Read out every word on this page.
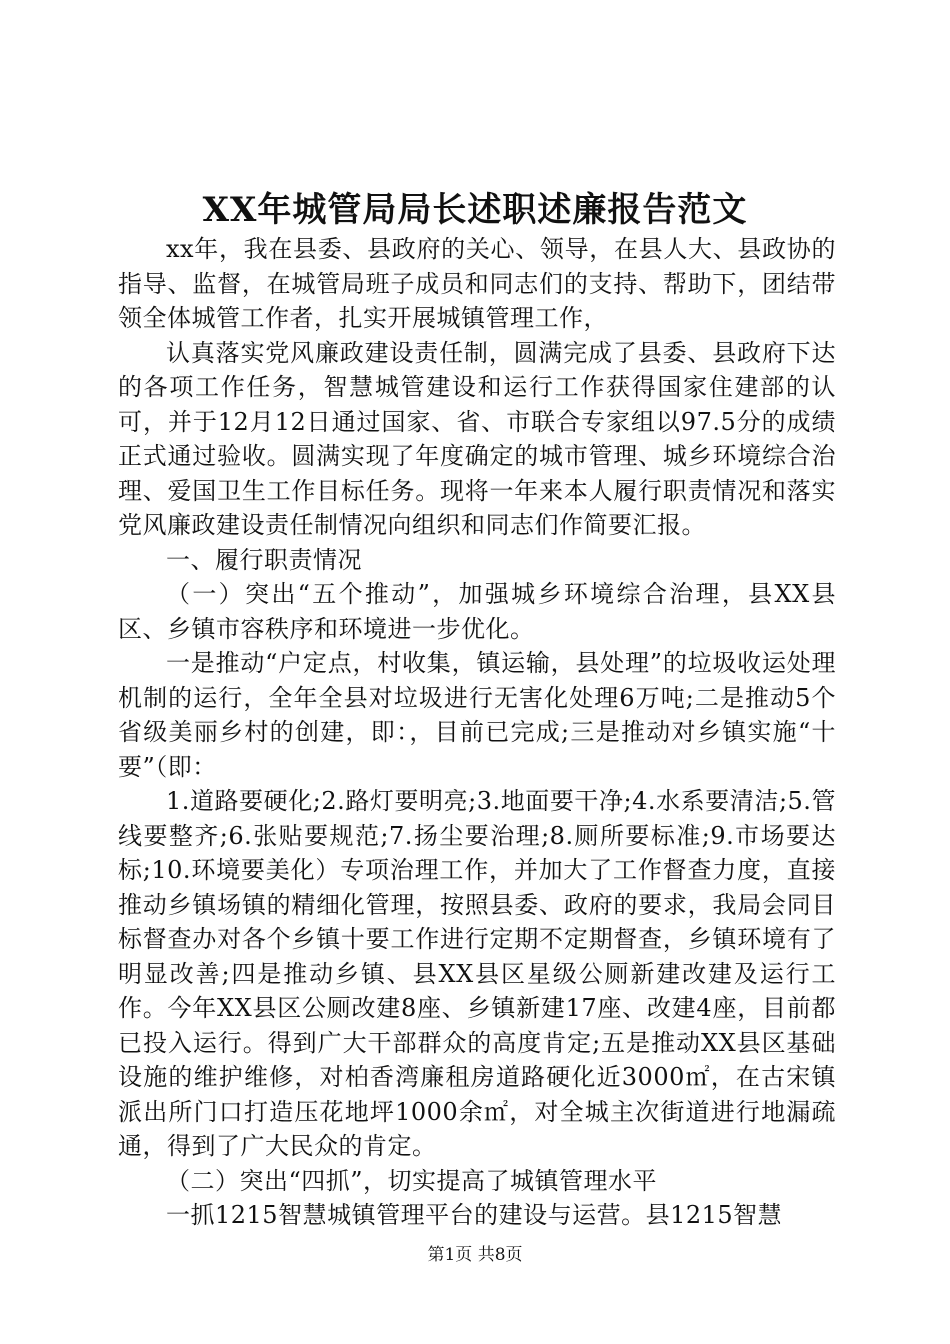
XX年城管局局长述职述廉报告范文

xx年，我在县委、县政府的关心、领导，在县人大、县政协的指导、监督，在城管局班子成员和同志们的支持、帮助下，团结带领全体城管工作者，扎实开展城镇管理工作，

认真落实党风廉政建设责任制，圆满完成了县委、县政府下达的各项工作任务，智慧城管建设和运行工作获得国家住建部的认可，并于12月12日通过国家、省、市联合专家组以97.5分的成绩正式通过验收。圆满实现了年度确定的城市管理、城乡环境综合治理、爱国卫生工作目标任务。现将一年来本人履行职责情况和落实党风廉政建设责任制情况向组织和同志们作简要汇报。

一、履行职责情况

（一）突出“五个推动”，加强城乡环境综合治理，县XX县区、乡镇市容秩序和环境进一步优化。

一是推动“户定点，村收集，镇运输，县处理”的垃圾收运处理机制的运行，全年全县对垃圾进行无害化处理6万吨;二是推动5个省级美丽乡村的创建，即：，目前已完成;三是推动对乡镇实施“十要”（即：

1.道路要硬化;2.路灯要明亮;3.地面要干净;4.水系要清洁;5.管线要整齐;6.张贴要规范;7.扬尘要治理;8.厕所要标准;9.市场要达标;10.环境要美化）专项治理工作，并加大了工作督查力度，直接推动乡镇场镇的精细化管理，按照县委、政府的要求，我局会同目标督查办对各个乡镇十要工作进行定期不定期督查，乡镇环境有了明显改善;四是推动乡镇、县XX县区星级公厕新建改建及运行工作。今年XX县区公厕改建8座、乡镇新建17座、改建4座，目前都已投入运行。得到广大干部群众的高度肯定;五是推动XX县区基础设施的维护维修，对柏香湾廉租房道路硬化近3000㎡，在古宋镇派出所门口打造压花地坪1000余㎡，对全城主次街道进行地漏疏通，得到了广大民众的肯定。

（二）突出“四抓”，切实提高了城镇管理水平

一抓1215智慧城镇管理平台的建设与运营。县1215智慧

第1页 共8页
